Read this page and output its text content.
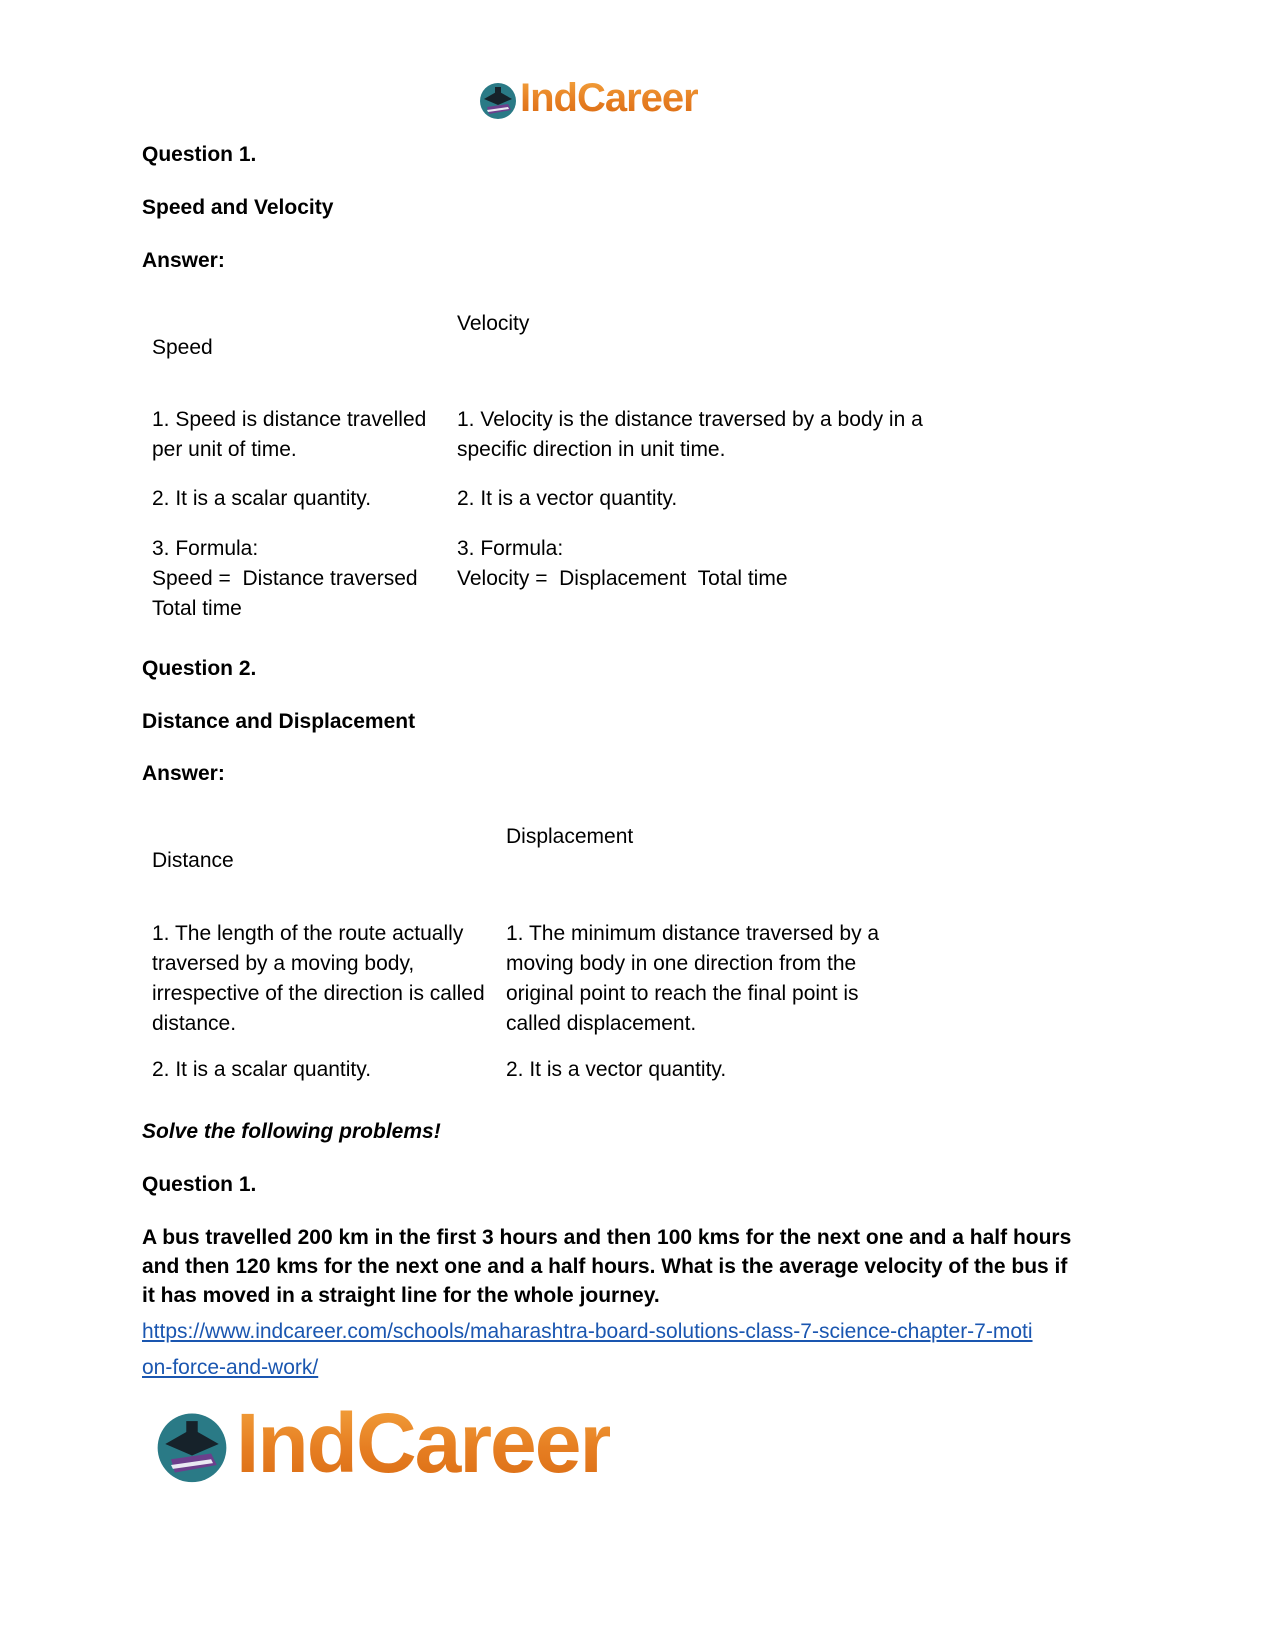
IndCareer
Question 1.
Speed and Velocity
Answer:
Speed
Velocity
1. Speed is distance travelled per unit of time.
1. Velocity is the distance traversed by a body in a specific direction in unit time.
2. It is a scalar quantity.	2. It is a vector quantity.
3. Formula:
Speed =  Distance traversed
Total time
3. Formula:
Velocity =  Displacement  Total time
Question 2.
Distance and Displacement
Answer:
Distance
Displacement
1. The length of the route actually traversed by a moving body, irrespective of the direction is called distance.
1. The minimum distance traversed by a moving body in one direction from the original point to reach the final point is called displacement.
2. It is a scalar quantity.	2. It is a vector quantity.
Solve the following problems!
Question 1.
A bus travelled 200 km in the first 3 hours and then 100 kms for the next one and a half hours and then 120 kms for the next one and a half hours. What is the average velocity of the bus if it has moved in a straight line for the whole journey.
https://www.indcareer.com/schools/maharashtra-board-solutions-class-7-science-chapter-7-moti
on-force-and-work/
IndCareer
